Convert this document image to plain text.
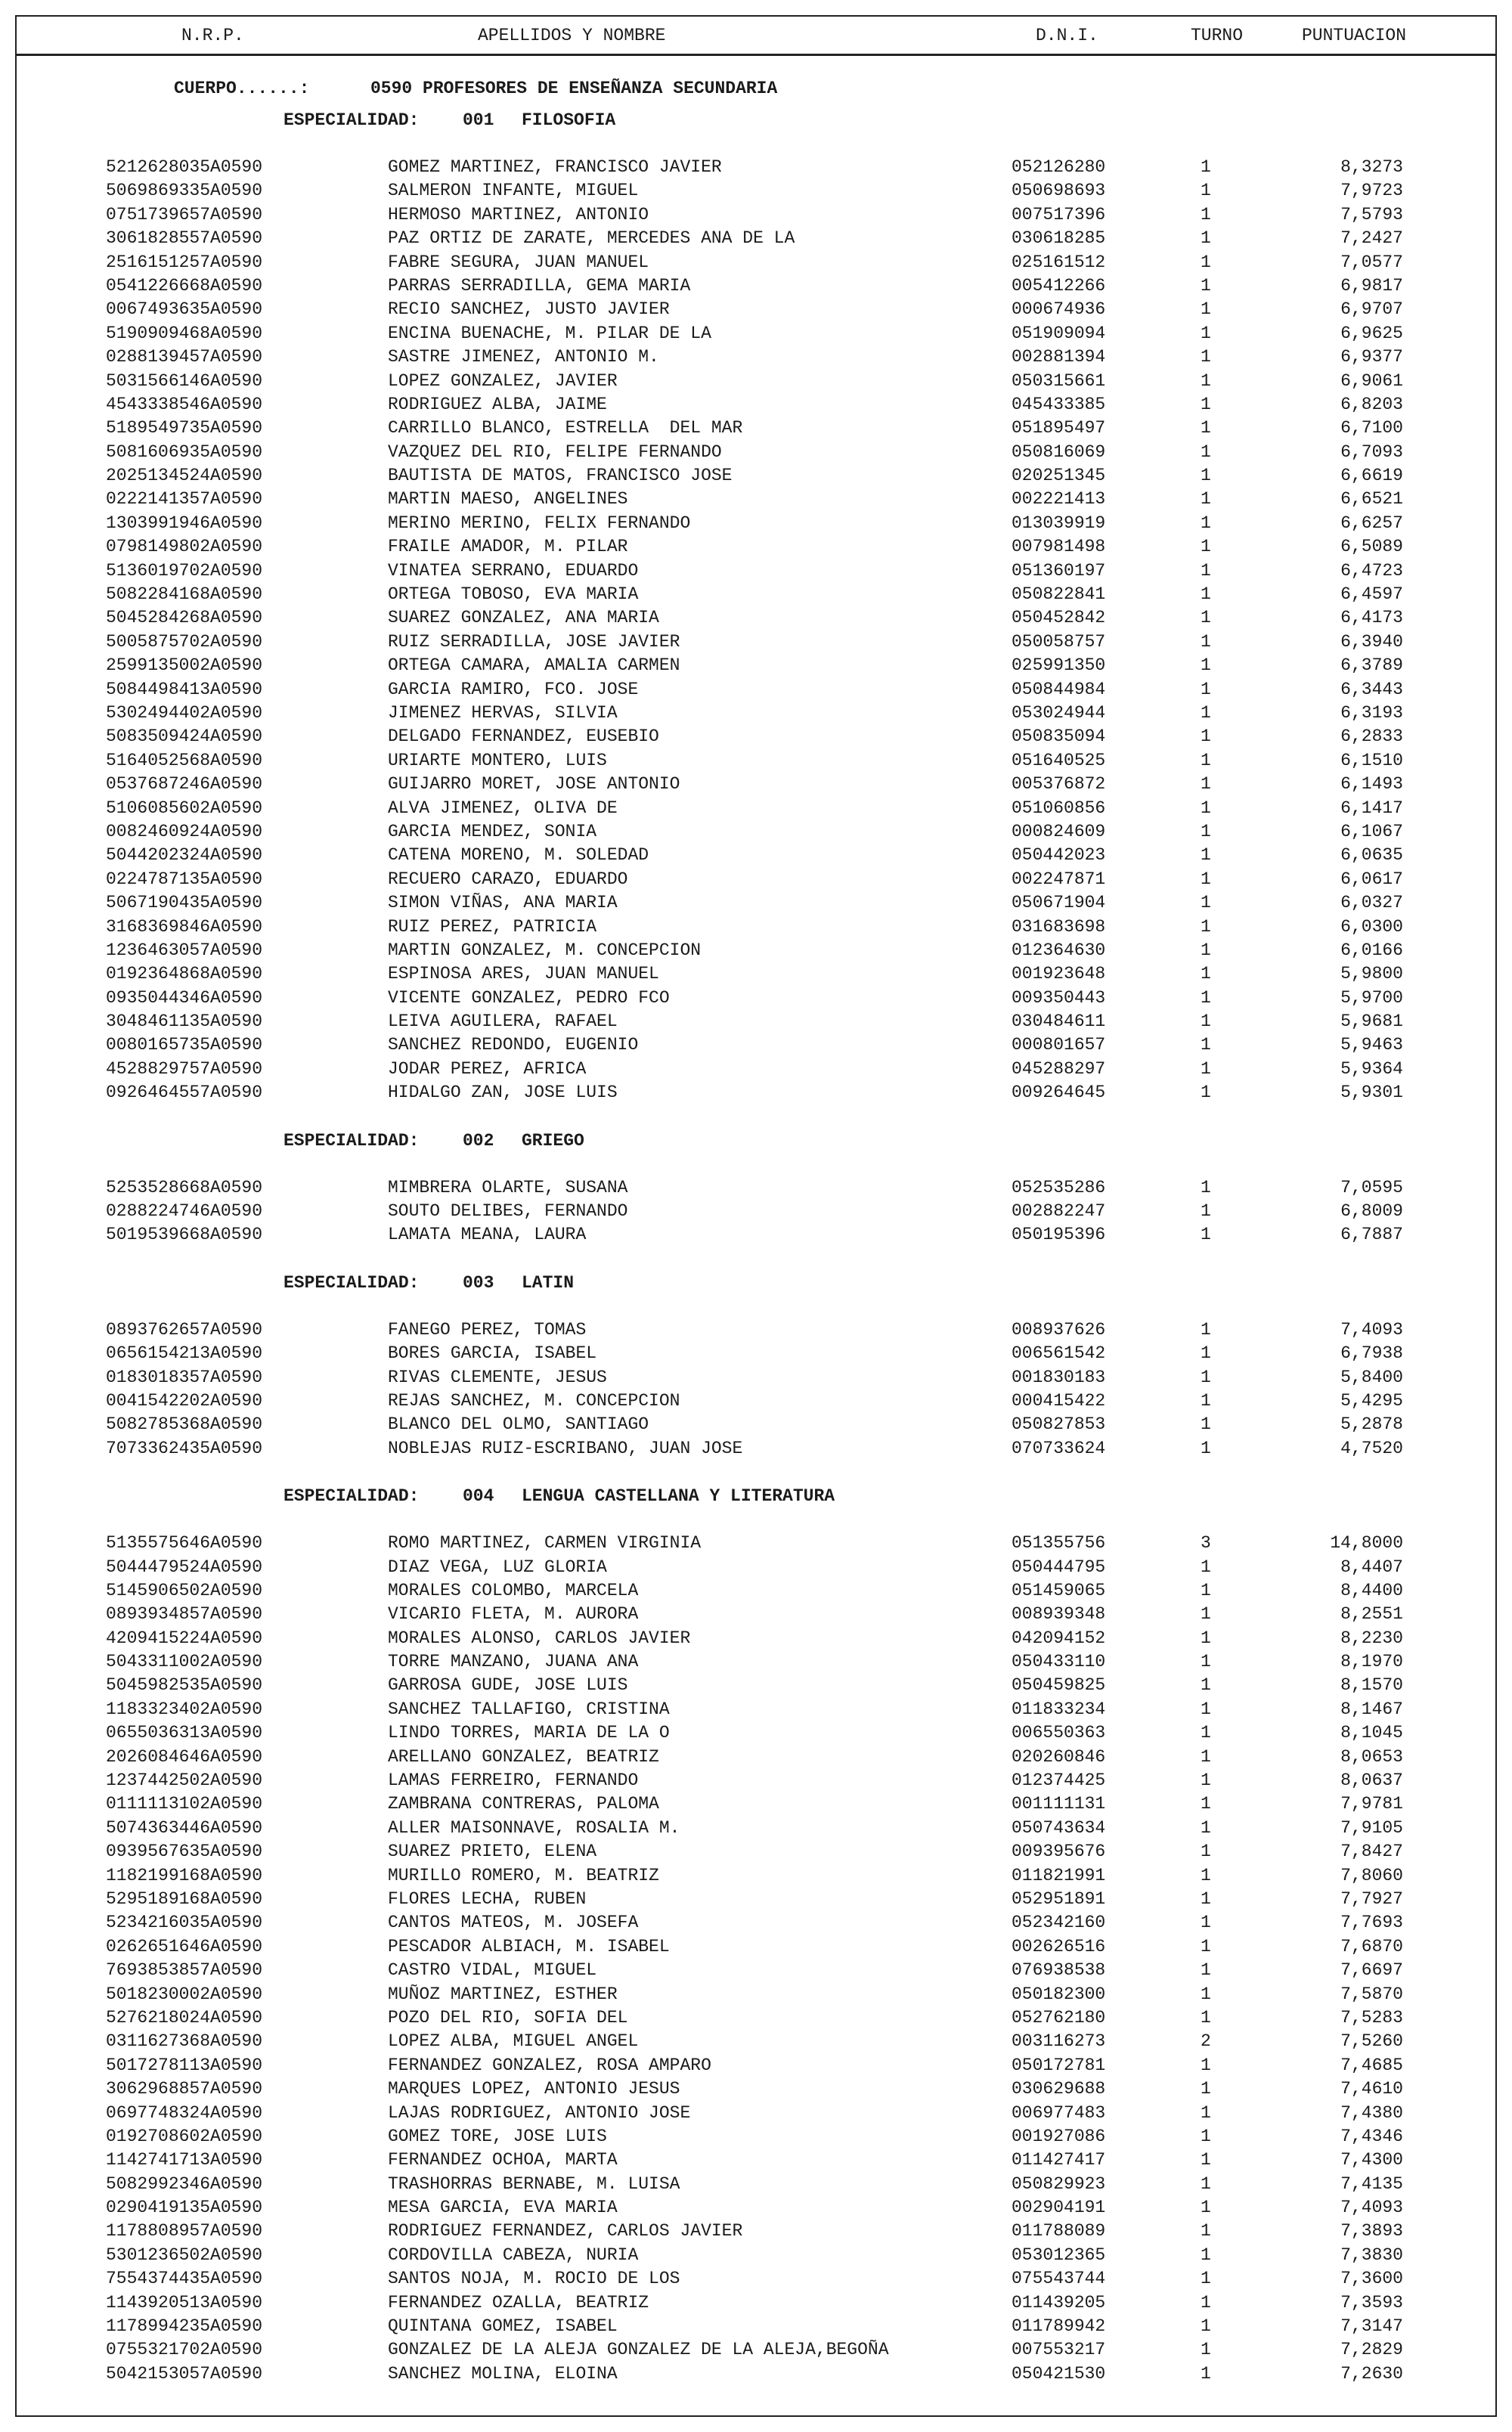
N.R.P.	APELLIDOS Y NOMBRE	D.N.I.	TURNO	PUNTUACION
CUERPO......:	0590 PROFESORES DE ENSEÑANZA SECUNDARIA
ESPECIALIDAD:	001 FILOSOFIA
5212628035A0590	GOMEZ MARTINEZ, FRANCISCO JAVIER	052126280	1	8,3273
5069869335A0590	SALMERON INFANTE, MIGUEL	050698693	1	7,9723
0751739657A0590	HERMOSO MARTINEZ, ANTONIO	007517396	1	7,5793
3061828557A0590	PAZ ORTIZ DE ZARATE, MERCEDES ANA DE LA	030618285	1	7,2427
2516151257A0590	FABRE SEGURA, JUAN MANUEL	025161512	1	7,0577
0541226668A0590	PARRAS SERRADILLA, GEMA MARIA	005412266	1	6,9817
0067493635A0590	RECIO SANCHEZ, JUSTO JAVIER	000674936	1	6,9707
5190909468A0590	ENCINA BUENACHE, M. PILAR DE LA	051909094	1	6,9625
0288139457A0590	SASTRE JIMENEZ, ANTONIO M.	002881394	1	6,9377
5031566146A0590	LOPEZ GONZALEZ, JAVIER	050315661	1	6,9061
4543338546A0590	RODRIGUEZ ALBA, JAIME	045433385	1	6,8203
5189549735A0590	CARRILLO BLANCO, ESTRELLA  DEL MAR	051895497	1	6,7100
5081606935A0590	VAZQUEZ DEL RIO, FELIPE FERNANDO	050816069	1	6,7093
2025134524A0590	BAUTISTA DE MATOS, FRANCISCO JOSE	020251345	1	6,6619
0222141357A0590	MARTIN MAESO, ANGELINES	002221413	1	6,6521
1303991946A0590	MERINO MERINO, FELIX FERNANDO	013039919	1	6,6257
0798149802A0590	FRAILE AMADOR, M. PILAR	007981498	1	6,5089
5136019702A0590	VINATEA SERRANO, EDUARDO	051360197	1	6,4723
5082284168A0590	ORTEGA TOBOSO, EVA MARIA	050822841	1	6,4597
5045284268A0590	SUAREZ GONZALEZ, ANA MARIA	050452842	1	6,4173
5005875702A0590	RUIZ SERRADILLA, JOSE JAVIER	050058757	1	6,3940
2599135002A0590	ORTEGA CAMARA, AMALIA CARMEN	025991350	1	6,3789
5084498413A0590	GARCIA RAMIRO, FCO. JOSE	050844984	1	6,3443
5302494402A0590	JIMENEZ HERVAS, SILVIA	053024944	1	6,3193
5083509424A0590	DELGADO FERNANDEZ, EUSEBIO	050835094	1	6,2833
5164052568A0590	URIARTE MONTERO, LUIS	051640525	1	6,1510
0537687246A0590	GUIJARRO MORET, JOSE ANTONIO	005376872	1	6,1493
5106085602A0590	ALVA JIMENEZ, OLIVA DE	051060856	1	6,1417
0082460924A0590	GARCIA MENDEZ, SONIA	000824609	1	6,1067
5044202324A0590	CATENA MORENO, M. SOLEDAD	050442023	1	6,0635
0224787135A0590	RECUERO CARAZO, EDUARDO	002247871	1	6,0617
5067190435A0590	SIMON VIÑAS, ANA MARIA	050671904	1	6,0327
3168369846A0590	RUIZ PEREZ, PATRICIA	031683698	1	6,0300
1236463057A0590	MARTIN GONZALEZ, M. CONCEPCION	012364630	1	6,0166
0192364868A0590	ESPINOSA ARES, JUAN MANUEL	001923648	1	5,9800
0935044346A0590	VICENTE GONZALEZ, PEDRO FCO	009350443	1	5,9700
3048461135A0590	LEIVA AGUILERA, RAFAEL	030484611	1	5,9681
0080165735A0590	SANCHEZ REDONDO, EUGENIO	000801657	1	5,9463
4528829757A0590	JODAR PEREZ, AFRICA	045288297	1	5,9364
0926464557A0590	HIDALGO ZAN, JOSE LUIS	009264645	1	5,9301
ESPECIALIDAD:	002 GRIEGO
5253528668A0590	MIMBRERA OLARTE, SUSANA	052535286	1	7,0595
0288224746A0590	SOUTO DELIBES, FERNANDO	002882247	1	6,8009
5019539668A0590	LAMATA MEANA, LAURA	050195396	1	6,7887
ESPECIALIDAD:	003 LATIN
0893762657A0590	FANEGO PEREZ, TOMAS	008937626	1	7,4093
0656154213A0590	BORES GARCIA, ISABEL	006561542	1	6,7938
0183018357A0590	RIVAS CLEMENTE, JESUS	001830183	1	5,8400
0041542202A0590	REJAS SANCHEZ, M. CONCEPCION	000415422	1	5,4295
5082785368A0590	BLANCO DEL OLMO, SANTIAGO	050827853	1	5,2878
7073362435A0590	NOBLEJAS RUIZ-ESCRIBANO, JUAN JOSE	070733624	1	4,7520
ESPECIALIDAD:	004 LENGUA CASTELLANA Y LITERATURA
5135575646A0590	ROMO MARTINEZ, CARMEN VIRGINIA	051355756	3	14,8000
5044479524A0590	DIAZ VEGA, LUZ GLORIA	050444795	1	8,4407
5145906502A0590	MORALES COLOMBO, MARCELA	051459065	1	8,4400
0893934857A0590	VICARIO FLETA, M. AURORA	008939348	1	8,2551
4209415224A0590	MORALES ALONSO, CARLOS JAVIER	042094152	1	8,2230
5043311002A0590	TORRE MANZANO, JUANA ANA	050433110	1	8,1970
5045982535A0590	GARROSA GUDE, JOSE LUIS	050459825	1	8,1570
1183323402A0590	SANCHEZ TALLAFIGO, CRISTINA	011833234	1	8,1467
0655036313A0590	LINDO TORRES, MARIA DE LA O	006550363	1	8,1045
2026084646A0590	ARELLANO GONZALEZ, BEATRIZ	020260846	1	8,0653
1237442502A0590	LAMAS FERREIRO, FERNANDO	012374425	1	8,0637
0111113102A0590	ZAMBRANA CONTRERAS, PALOMA	001111131	1	7,9781
5074363446A0590	ALLER MAISONNAVE, ROSALIA M.	050743634	1	7,9105
0939567635A0590	SUAREZ PRIETO, ELENA	009395676	1	7,8427
1182199168A0590	MURILLO ROMERO, M. BEATRIZ	011821991	1	7,8060
5295189168A0590	FLORES LECHA, RUBEN	052951891	1	7,7927
5234216035A0590	CANTOS MATEOS, M. JOSEFA	052342160	1	7,7693
0262651646A0590	PESCADOR ALBIACH, M. ISABEL	002626516	1	7,6870
7693853857A0590	CASTRO VIDAL, MIGUEL	076938538	1	7,6697
5018230002A0590	MUÑOZ MARTINEZ, ESTHER	050182300	1	7,5870
5276218024A0590	POZO DEL RIO, SOFIA DEL	052762180	1	7,5283
0311627368A0590	LOPEZ ALBA, MIGUEL ANGEL	003116273	2	7,5260
5017278113A0590	FERNANDEZ GONZALEZ, ROSA AMPARO	050172781	1	7,4685
3062968857A0590	MARQUES LOPEZ, ANTONIO JESUS	030629688	1	7,4610
0697748324A0590	LAJAS RODRIGUEZ, ANTONIO JOSE	006977483	1	7,4380
0192708602A0590	GOMEZ TORE, JOSE LUIS	001927086	1	7,4346
1142741713A0590	FERNANDEZ OCHOA, MARTA	011427417	1	7,4300
5082992346A0590	TRASHORRAS BERNABE, M. LUISA	050829923	1	7,4135
0290419135A0590	MESA GARCIA, EVA MARIA	002904191	1	7,4093
1178808957A0590	RODRIGUEZ FERNANDEZ, CARLOS JAVIER	011788089	1	7,3893
5301236502A0590	CORDOVILLA CABEZA, NURIA	053012365	1	7,3830
7554374435A0590	SANTOS NOJA, M. ROCIO DE LOS	075543744	1	7,3600
1143920513A0590	FERNANDEZ OZALLA, BEATRIZ	011439205	1	7,3593
1178994235A0590	QUINTANA GOMEZ, ISABEL	011789942	1	7,3147
0755321702A0590	GONZALEZ DE LA ALEJA GONZALEZ DE LA ALEJA,BEGOÑA	007553217	1	7,2829
5042153057A0590	SANCHEZ MOLINA, ELOINA	050421530	1	7,2630
